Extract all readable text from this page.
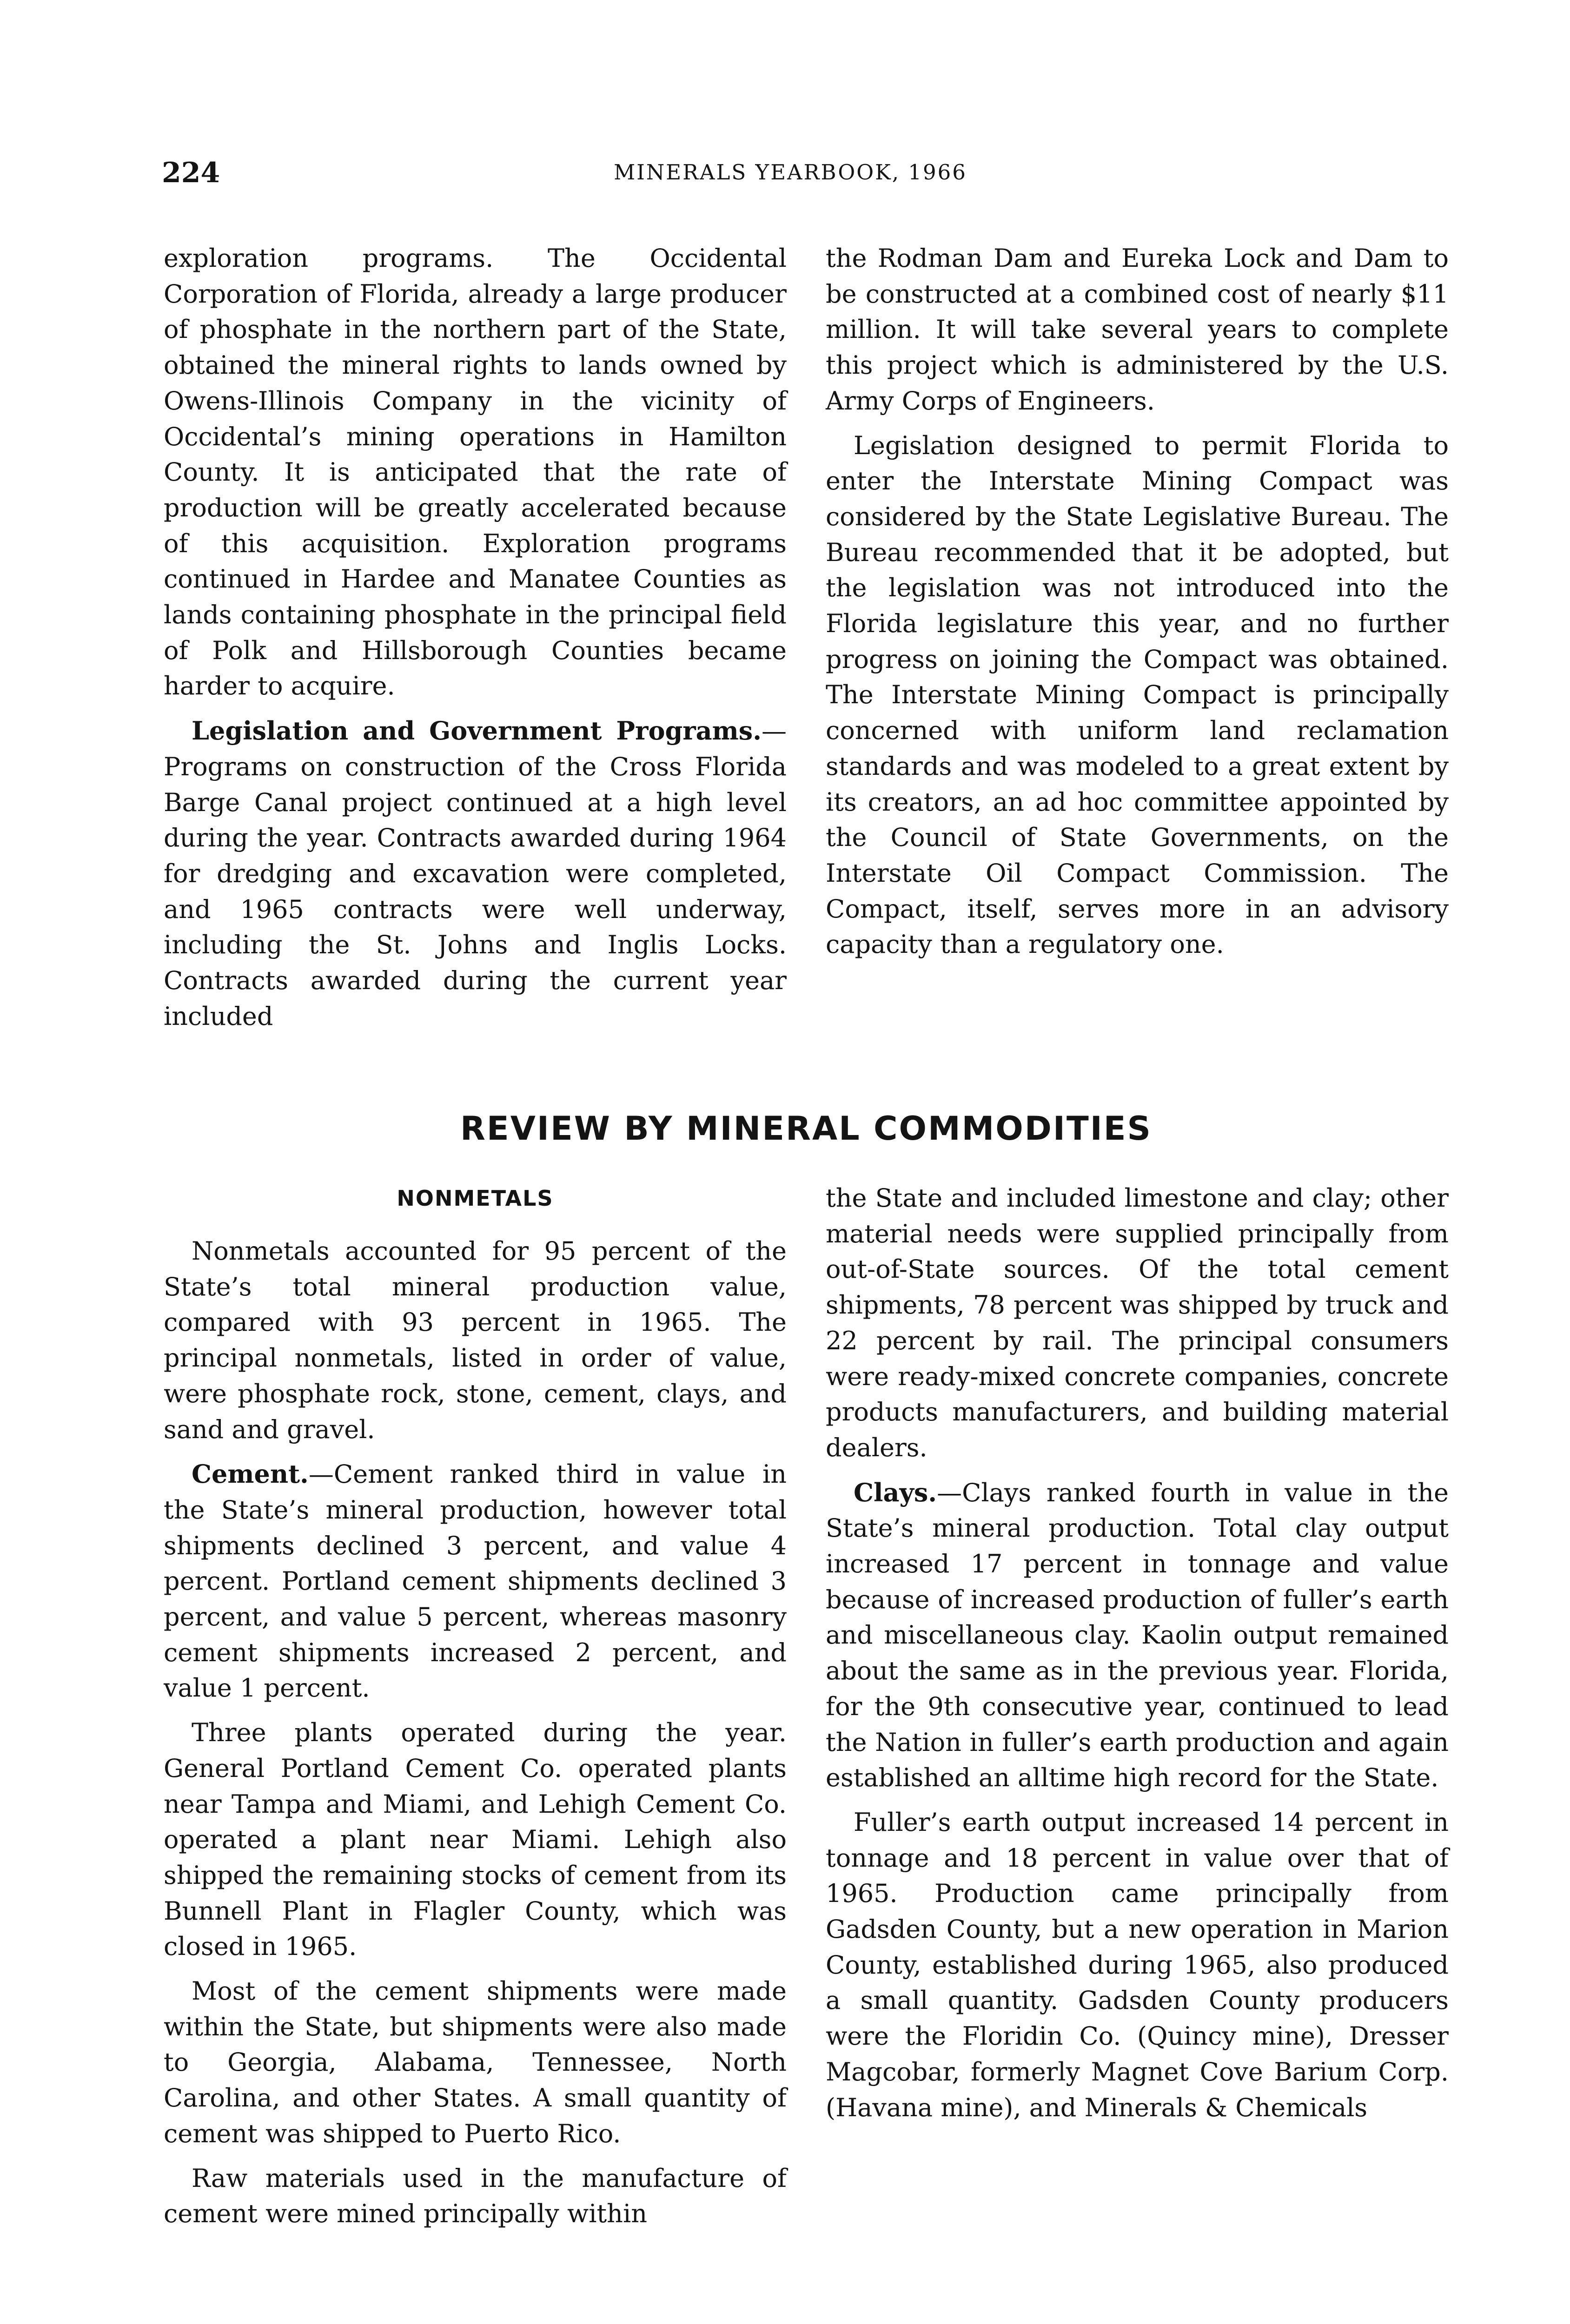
224	MINERALS YEARBOOK, 1966

exploration programs. The Occidental Corporation of Florida, already a large producer of phosphate in the northern part of the State, obtained the mineral rights to lands owned by Owens-Illinois Company in the vicinity of Occidental’s mining operations in Hamilton County. It is anticipated that the rate of production will be greatly accelerated because of this acquisition. Exploration programs continued in Hardee and Manatee Counties as lands containing phosphate in the principal field of Polk and Hillsborough Counties became harder to acquire.

Legislation and Government Programs.—Programs on construction of the Cross Florida Barge Canal project continued at a high level during the year. Contracts awarded during 1964 for dredging and excavation were completed, and 1965 contracts were well underway, including the St. Johns and Inglis Locks. Contracts awarded during the current year included

the Rodman Dam and Eureka Lock and Dam to be constructed at a combined cost of nearly $11 million. It will take several years to complete this project which is administered by the U.S. Army Corps of Engineers.

Legislation designed to permit Florida to enter the Interstate Mining Compact was considered by the State Legislative Bureau. The Bureau recommended that it be adopted, but the legislation was not introduced into the Florida legislature this year, and no further progress on joining the Compact was obtained. The Interstate Mining Compact is principally concerned with uniform land reclamation standards and was modeled to a great extent by its creators, an ad hoc committee appointed by the Council of State Governments, on the Interstate Oil Compact Commission. The Compact, itself, serves more in an advisory capacity than a regulatory one.

REVIEW BY MINERAL COMMODITIES
NONMETALS

Nonmetals accounted for 95 percent of the State’s total mineral production value, compared with 93 percent in 1965. The principal nonmetals, listed in order of value, were phosphate rock, stone, cement, clays, and sand and gravel.

Cement.—Cement ranked third in value in the State’s mineral production, however total shipments declined 3 percent, and value 4 percent. Portland cement shipments declined 3 percent, and value 5 percent, whereas masonry cement shipments increased 2 percent, and value 1 percent.

Three plants operated during the year. General Portland Cement Co. operated plants near Tampa and Miami, and Lehigh Cement Co. operated a plant near Miami. Lehigh also shipped the remaining stocks of cement from its Bunnell Plant in Flagler County, which was closed in 1965.

Most of the cement shipments were made within the State, but shipments were also made to Georgia, Alabama, Tennessee, North Carolina, and other States. A small quantity of cement was shipped to Puerto Rico.

Raw materials used in the manufacture of cement were mined principally within

the State and included limestone and clay; other material needs were supplied principally from out-of-State sources. Of the total cement shipments, 78 percent was shipped by truck and 22 percent by rail. The principal consumers were ready-mixed concrete companies, concrete products manufacturers, and building material dealers.

Clays.—Clays ranked fourth in value in the State’s mineral production. Total clay output increased 17 percent in tonnage and value because of increased production of fuller’s earth and miscellaneous clay. Kaolin output remained about the same as in the previous year. Florida, for the 9th consecutive year, continued to lead the Nation in fuller’s earth production and again established an alltime high record for the State.

Fuller’s earth output increased 14 percent in tonnage and 18 percent in value over that of 1965. Production came principally from Gadsden County, but a new operation in Marion County, established during 1965, also produced a small quantity. Gadsden County producers were the Floridin Co. (Quincy mine), Dresser Magcobar, formerly Magnet Cove Barium Corp. (Havana mine), and Minerals & Chemicals
